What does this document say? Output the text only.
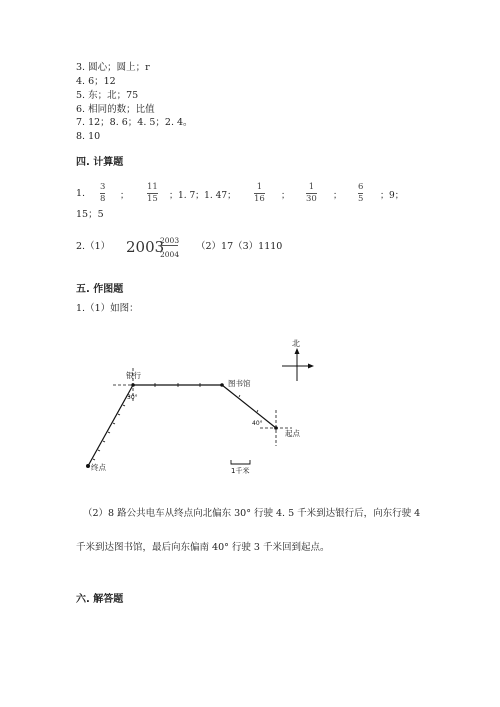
3. 圆心；圆上；r
4. 6；12
5. 东；北；75
6. 相同的数；比值
7. 12；8. 6；4. 5；2. 4。
8. 10
四. 计算题
1.
3
8 ；
11
15 ；1. 7；1. 47；
1
16 ；
1
30 ；
6
5 ；9；
15；5
2.（1） 2003
2003
2004
（2）17（3）1110
五. 作图题
1.（1）如图：
北
银行
图书馆
起点
终点
30°
40°
1千米
（2）8 路公共电车从终点向北偏东 30° 行驶 4. 5 千米到达银行后，向东行驶 4
千米到达图书馆，最后向东偏南 40° 行驶 3 千米回到起点。
六. 解答题
